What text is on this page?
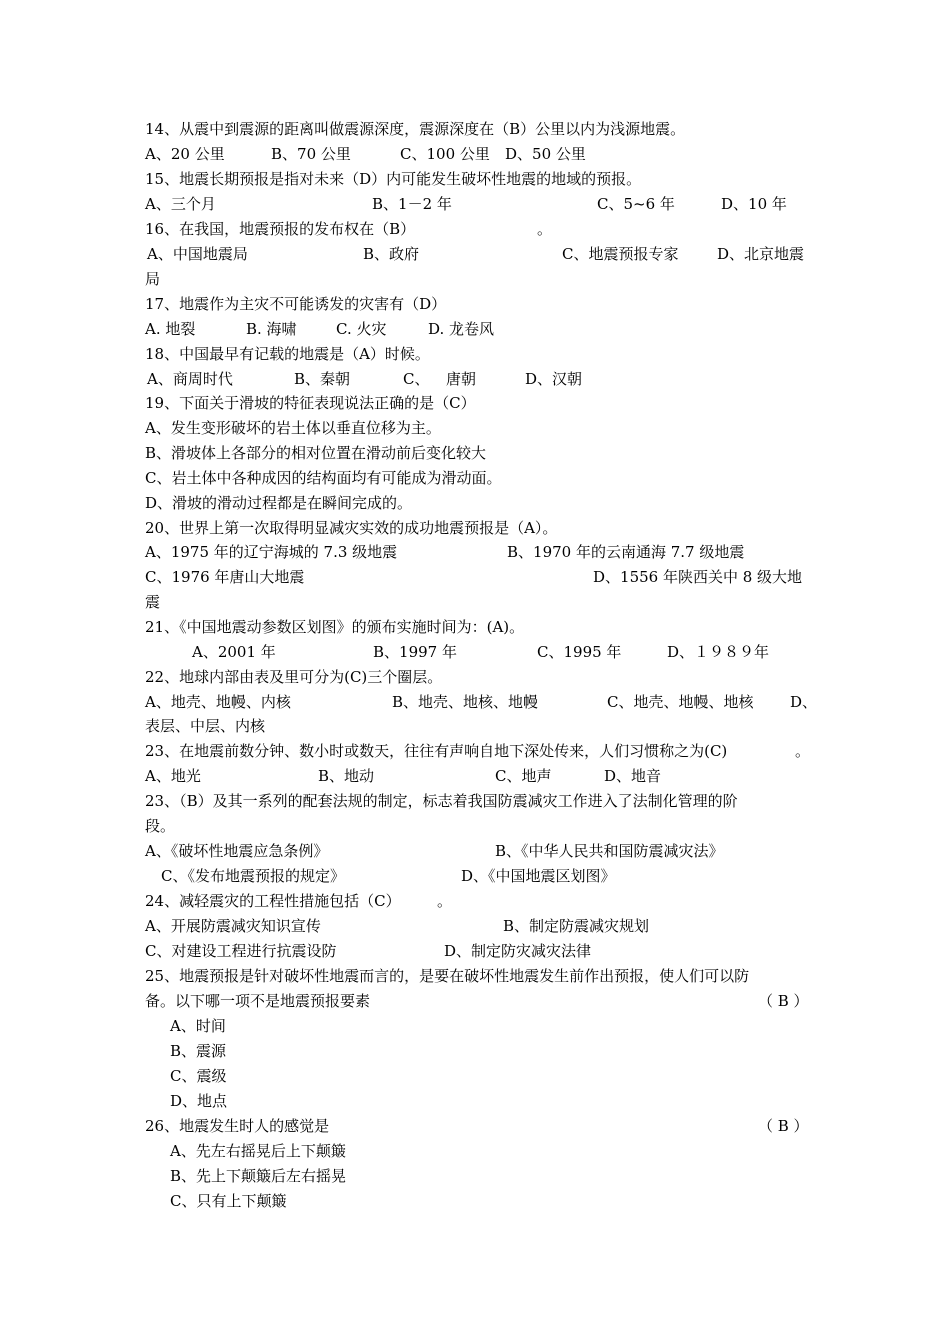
14、从震中到震源的距离叫做震源深度，震源深度在（B）公里以内为浅源地震。
A、20 公里	B、70 公里	C、100 公里 D、50 公里
15、地震长期预报是指对未来（D）内可能发生破坏性地震的地域的预报。
A、三个月	B、1－2 年	C、5~6 年	D、10 年
16、在我国，地震预报的发布权在（B）	。
A、中国地震局	B、政府	C、地震预报专家	D、北京地震
局
17、地震作为主灾不可能诱发的灾害有（D）
A. 地裂	B. 海啸	C. 火灾	D. 龙卷风
18、中国最早有记载的地震是（A）时候。
A、商周时代	B、秦朝	C、 唐朝	D、汉朝
19、下面关于滑坡的特征表现说法正确的是（C）
A、发生变形破坏的岩土体以垂直位移为主。
B、滑坡体上各部分的相对位置在滑动前后变化较大
C、岩土体中各种成因的结构面均有可能成为滑动面。
D、滑坡的滑动过程都是在瞬间完成的。
20、世界上第一次取得明显减灾实效的成功地震预报是（A）。
A、1975 年的辽宁海城的 7.3 级地震	B、1970 年的云南通海 7.7 级地震
C、1976 年唐山大地震	D、1556 年陕西关中 8 级大地
震
21、《中国地震动参数区划图》的颁布实施时间为：(A)。
A、2001 年	B、1997 年	C、1995 年	D、１９８９年
22、地球内部由表及里可分为(C)三个圈层。
A、地壳、地幔、内核	B、地壳、地核、地幔	C、地壳、地幔、地核 D、
表层、中层、内核
23、在地震前数分钟、数小时或数天，往往有声响自地下深处传来，人们习惯称之为(C)	。
A、地光	B、地动	C、地声	D、地音
23、（B）及其一系列的配套法规的制定，标志着我国防震减灾工作进入了法制化管理的阶
段。
A、《破坏性地震应急条例》	B、《中华人民共和国防震减灾法》
C、《发布地震预报的规定》	D、《中国地震区划图》
24、减轻震灾的工程性措施包括（C） 。
A、开展防震减灾知识宣传	B、制定防震减灾规划
C、对建设工程进行抗震设防	D、制定防灾减灾法律
25、地震预报是针对破坏性地震而言的，是要在破坏性地震发生前作出预报，使人们可以防
备。以下哪一项不是地震预报要素	（ B ）
A、时间
B、震源
C、震级
D、地点
26、地震发生时人的感觉是	（ B ）
A、先左右摇晃后上下颠簸
B、先上下颠簸后左右摇晃
C、只有上下颠簸
